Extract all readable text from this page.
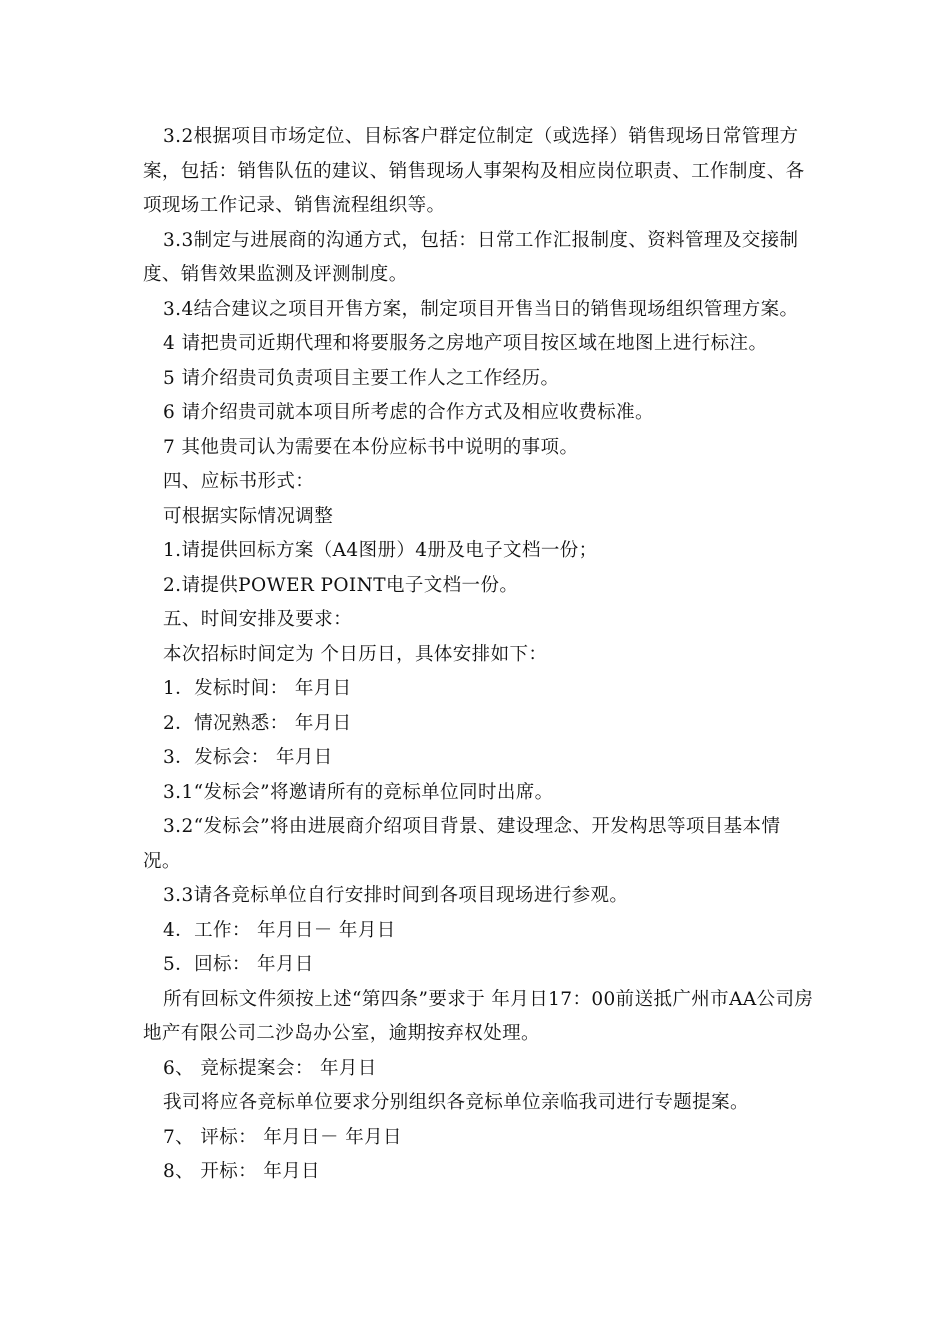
3.2根据项目市场定位、目标客户群定位制定（或选择）销售现场日常管理方案，包括：销售队伍的建议、销售现场人事架构及相应岗位职责、工作制度、各项现场工作记录、销售流程组织等。

3.3制定与进展商的沟通方式，包括：日常工作汇报制度、资料管理及交接制度、销售效果监测及评测制度。

3.4结合建议之项目开售方案，制定项目开售当日的销售现场组织管理方案。

4 请把贵司近期代理和将要服务之房地产项目按区域在地图上进行标注。

5 请介绍贵司负责项目主要工作人之工作经历。

6 请介绍贵司就本项目所考虑的合作方式及相应收费标准。

7 其他贵司认为需要在本份应标书中说明的事项。

四、应标书形式：

可根据实际情况调整

1.请提供回标方案（A4图册）4册及电子文档一份；

2.请提供POWER POINT电子文档一份。

五、时间安排及要求：

本次招标时间定为 个日历日，具体安排如下：

1．发标时间： 年月日

2．情况熟悉： 年月日

3．发标会： 年月日

3.1“发标会”将邀请所有的竞标单位同时出席。

3.2“发标会”将由进展商介绍项目背景、建设理念、开发构思等项目基本情况。

3.3请各竞标单位自行安排时间到各项目现场进行参观。

4．工作： 年月日－ 年月日

5．回标： 年月日

所有回标文件须按上述“第四条”要求于 年月日17：00前送抵广州市AA公司房地产有限公司二沙岛办公室，逾期按弃权处理。

6、 竞标提案会： 年月日

我司将应各竞标单位要求分别组织各竞标单位亲临我司进行专题提案。

7、 评标： 年月日－ 年月日

8、 开标： 年月日
